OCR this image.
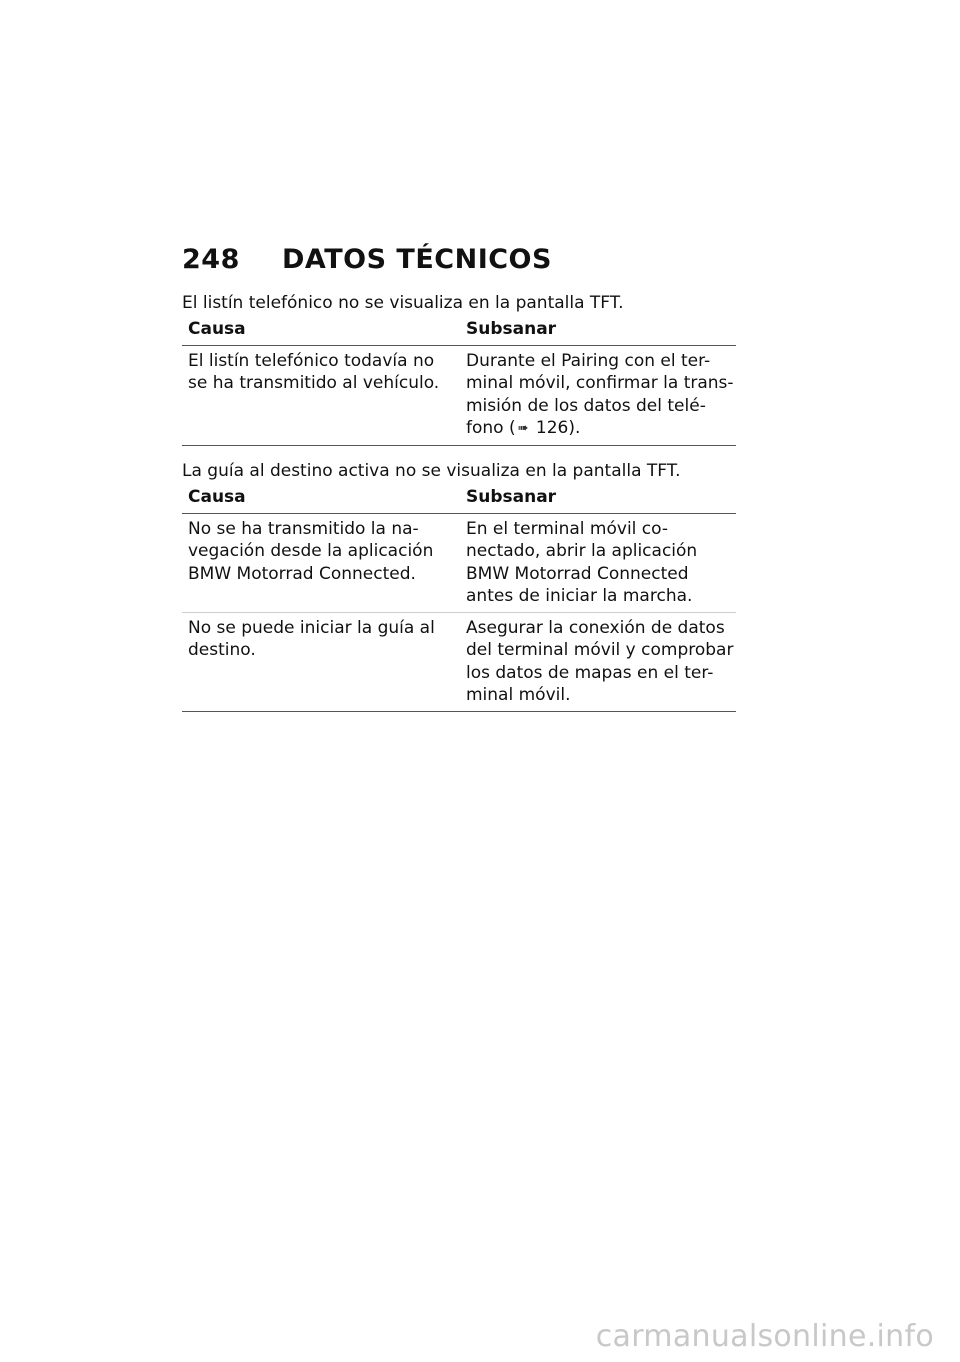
248	DATOS TÉCNICOS

El listín telefónico no se visualiza en la pantalla TFT.

Causa	Subsanar

El listín telefónico todavía no
se ha transmitido al vehículo.	Durante el Pairing con el ter-
minal móvil, confirmar la trans-
misión de los datos del telé-
fono ( ➠ 126).

La guía al destino activa no se visualiza en la pantalla TFT.

Causa	Subsanar

No se ha transmitido la na-
vegación desde la aplicación
BMW Motorrad Connected.	En el terminal móvil co-
nectado, abrir la aplicación
BMW Motorrad Connected
antes de iniciar la marcha.

No se puede iniciar la guía al
destino.	Asegurar la conexión de datos
del terminal móvil y comprobar
los datos de mapas en el ter-
minal móvil.
carmanualsonline.info
